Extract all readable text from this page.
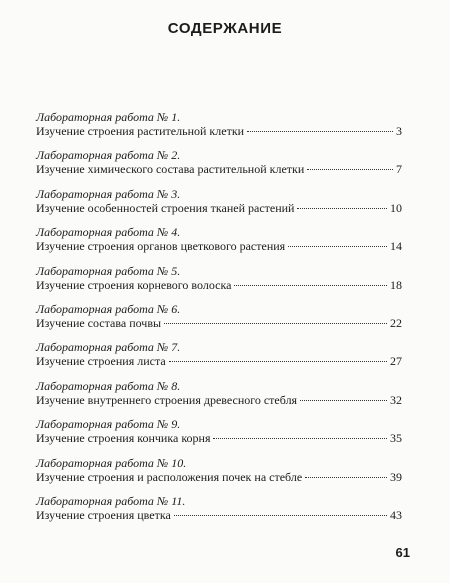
СОДЕРЖАНИЕ
Лабораторная работа № 1.
Изучение строения растительной клетки	3
Лабораторная работа № 2.
Изучение химического состава растительной клетки	7
Лабораторная работа № 3.
Изучение особенностей строения тканей растений	10
Лабораторная работа № 4.
Изучение строения органов цветкового растения	14
Лабораторная работа № 5.
Изучение строения корневого волоска	18
Лабораторная работа № 6.
Изучение состава почвы	22
Лабораторная работа № 7.
Изучение строения листа	27
Лабораторная работа № 8.
Изучение внутреннего строения древесного стебля	32
Лабораторная работа № 9.
Изучение строения кончика корня	35
Лабораторная работа № 10.
Изучение строения и расположения почек на стебле	39
Лабораторная работа № 11.
Изучение строения цветка	43
61
